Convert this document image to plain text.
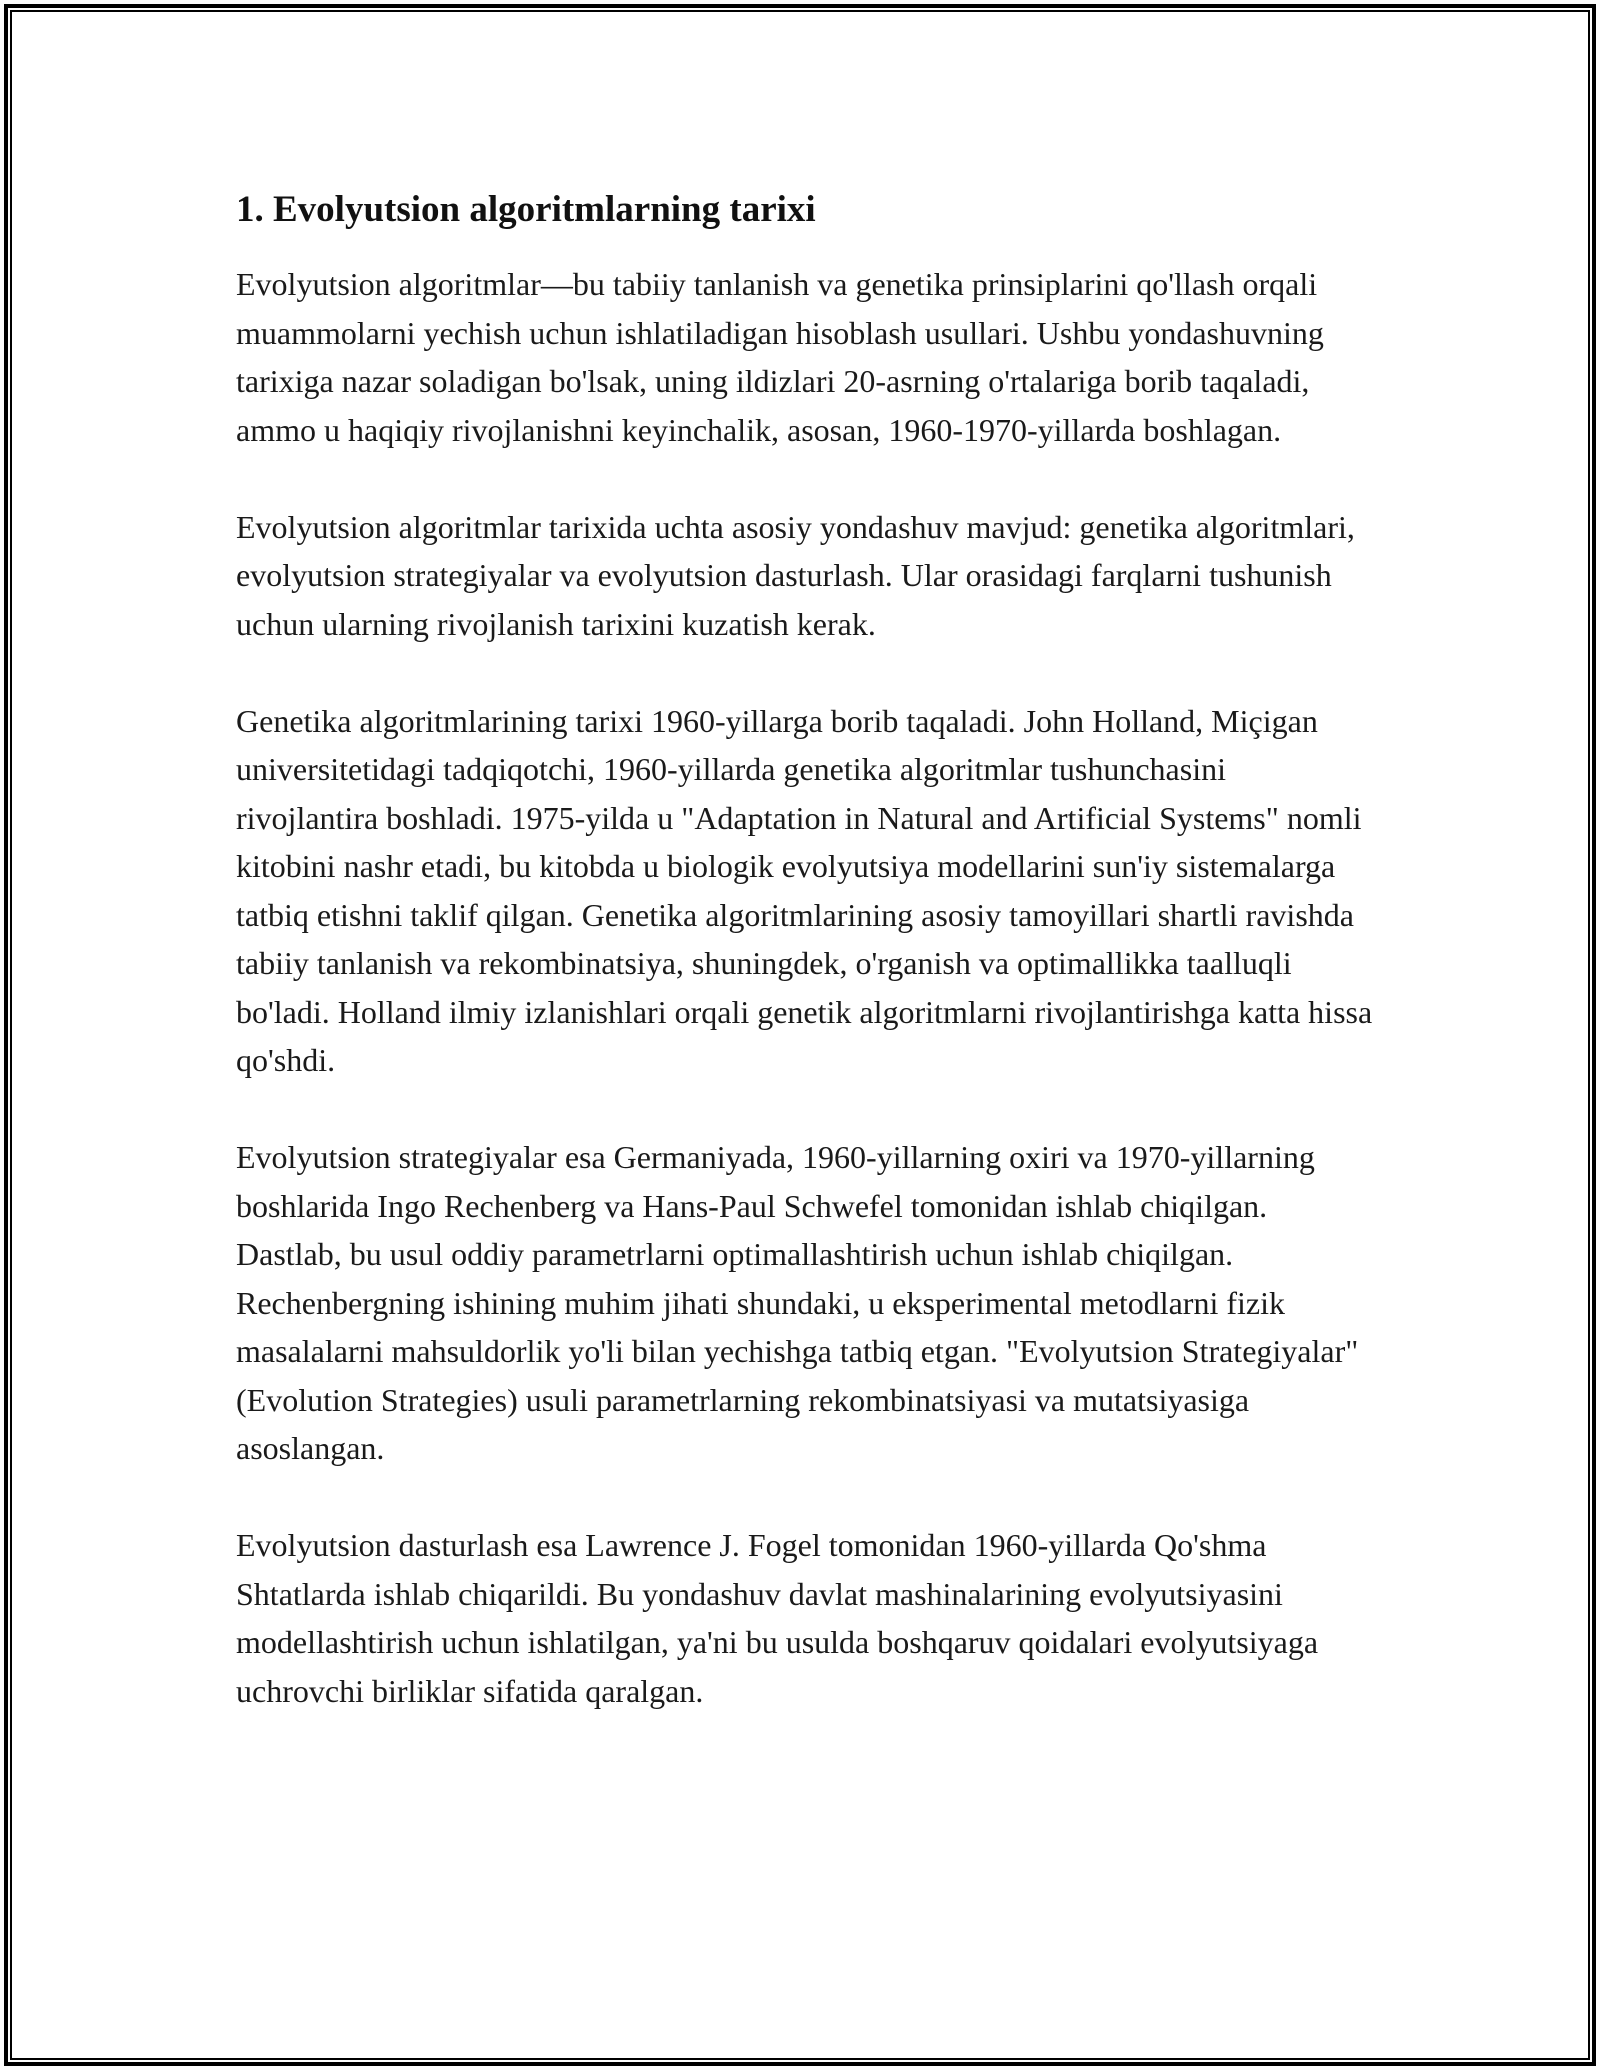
1. Evolyutsion algoritmlarning tarixi

Evolyutsion algoritmlar—bu tabiiy tanlanish va genetika prinsiplarini qo'llash orqali muammolarni yechish uchun ishlatiladigan hisoblash usullari. Ushbu yondashuvning tarixiga nazar soladigan bo'lsak, uning ildizlari 20-asrning o'rtalariga borib taqaladi, ammo u haqiqiy rivojlanishni keyinchalik, asosan, 1960-1970-yillarda boshlagan.

Evolyutsion algoritmlar tarixida uchta asosiy yondashuv mavjud: genetika algoritmlari, evolyutsion strategiyalar va evolyutsion dasturlash. Ular orasidagi farqlarni tushunish uchun ularning rivojlanish tarixini kuzatish kerak.

Genetika algoritmlarining tarixi 1960-yillarga borib taqaladi. John Holland, Miçigan universitetidagi tadqiqotchi, 1960-yillarda genetika algoritmlar tushunchasini rivojlantira boshladi. 1975-yilda u "Adaptation in Natural and Artificial Systems" nomli kitobini nashr etadi, bu kitobda u biologik evolyutsiya modellarini sun'iy sistemalarga tatbiq etishni taklif qilgan. Genetika algoritmlarining asosiy tamoyillari shartli ravishda tabiiy tanlanish va rekombinatsiya, shuningdek, o'rganish va optimallikka taalluqli bo'ladi. Holland ilmiy izlanishlari orqali genetik algoritmlarni rivojlantirishga katta hissa qo'shdi.

Evolyutsion strategiyalar esa Germaniyada, 1960-yillarning oxiri va 1970-yillarning boshlarida Ingo Rechenberg va Hans-Paul Schwefel tomonidan ishlab chiqilgan. Dastlab, bu usul oddiy parametrlarni optimallashtirish uchun ishlab chiqilgan. Rechenbergning ishining muhim jihati shundaki, u eksperimental metodlarni fizik masalalarni mahsuldorlik yo'li bilan yechishga tatbiq etgan. "Evolyutsion Strategiyalar" (Evolution Strategies) usuli parametrlarning rekombinatsiyasi va mutatsiyasiga asoslangan.

Evolyutsion dasturlash esa Lawrence J. Fogel tomonidan 1960-yillarda Qo'shma Shtatlarda ishlab chiqarildi. Bu yondashuv davlat mashinalarining evolyutsiyasini modellashtirish uchun ishlatilgan, ya'ni bu usulda boshqaruv qoidalari evolyutsiyaga uchrovchi birliklar sifatida qaralgan.
